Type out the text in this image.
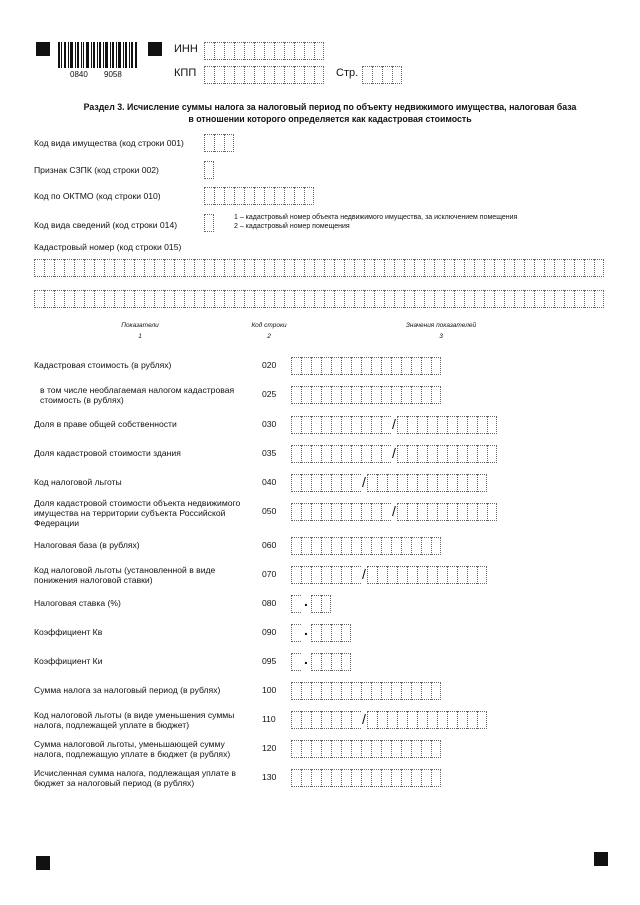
0840 9058
ИНН
КПП	Стр.
Раздел 3. Исчисление суммы налога за налоговый период по объекту недвижимого имущества, налоговая база
в отношении которого определяется как кадастровая стоимость
Код вида имущества (код строки 001)
Признак СЗПК (код строки 002)
Код по ОКТМО (код строки 010)
Код вида сведений (код строки 014)
1 – кадастровый номер объекта недвижимого имущества, за исключением помещения
2 – кадастровый номер помещения
Кадастровый номер (код строки 015)
Показатели
1
Код строки
2
Значения показателей
3
Кадастровая стоимость (в рублях)	020
в том числе необлагаемая налогом кадастровая стоимость (в рублях)
025
Доля в праве общей собственности	030	/
Доля кадастровой стоимости здания	035	/
Код налоговой льготы	040	/
Доля кадастровой стоимости объекта недвижимого имущества на территории субъекта Российской Федерации
050	/
Налоговая база (в рублях)	060
Код налоговой льготы (установленной в виде понижения налоговой ставки)
070	/
Налоговая ставка (%)	080	.
Коэффициент Кв	090	.
Коэффициент Ки	095	.
Сумма налога за налоговый период (в рублях)	100
Код налоговой льготы (в виде уменьшения суммы налога, подлежащей уплате в бюджет)
110	/
Сумма налоговой льготы, уменьшающей сумму налога, подлежащую уплате в бюджет (в рублях)
120
Исчисленная сумма налога, подлежащая уплате в бюджет за налоговый период (в рублях)
130
